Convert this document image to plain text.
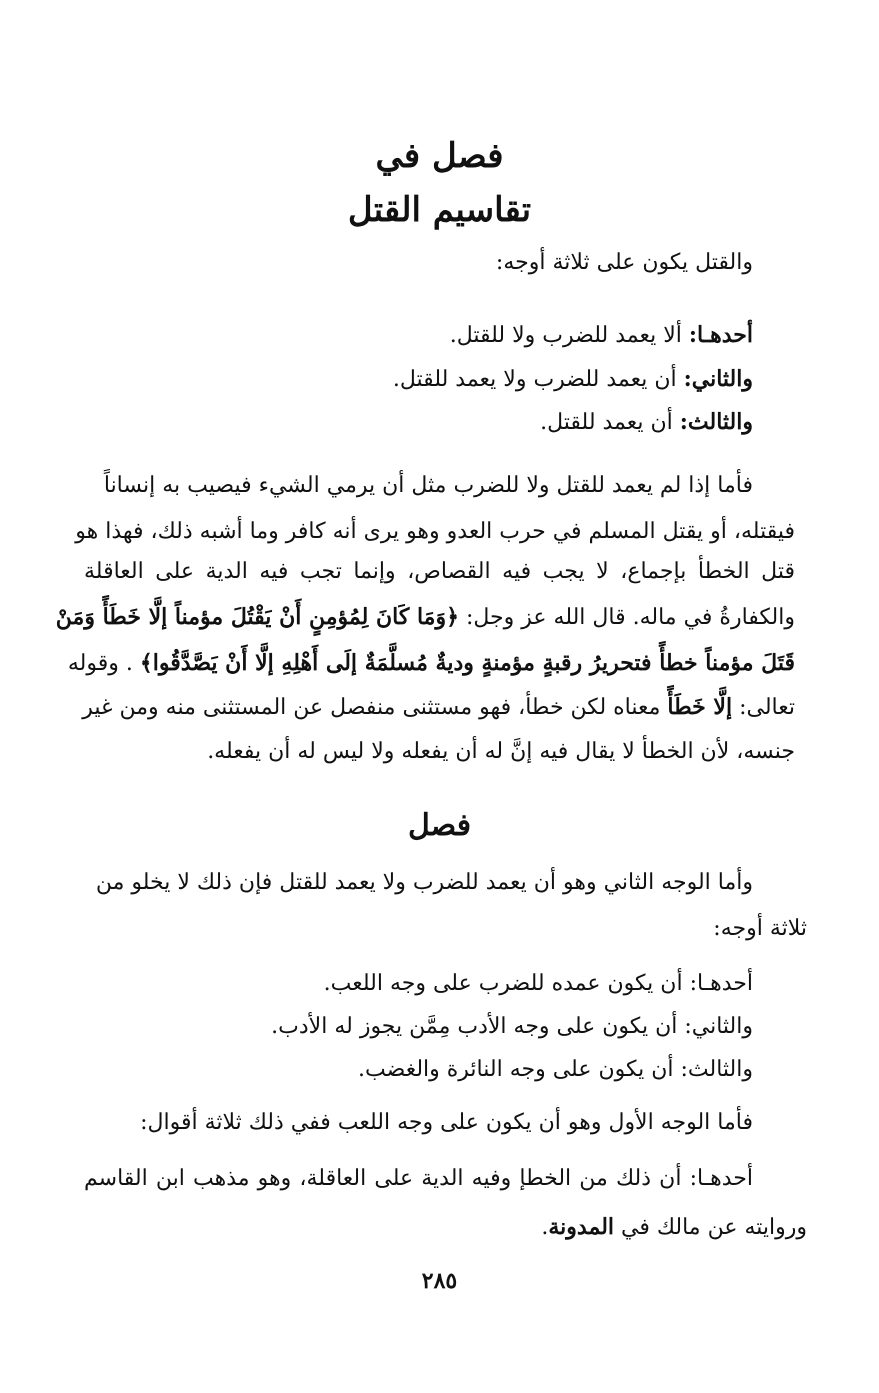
فصل في
تقاسيم القتل

والقتل يكون على ثلاثة أوجه:

أحدهـا: ألا يعمد للضرب ولا للقتل.

والثاني: أن يعمد للضرب ولا يعمد للقتل.

والثالث: أن يعمد للقتل.

فأما إذا لم يعمد للقتل ولا للضرب مثل أن يرمي الشيء فيصيب به إنساناً

فيقتله، أو يقتل المسلم في حرب العدو وهو يرى أنه كافر وما أشبه ذلك، فهذا هو

قتل الخطأ بإجماع، لا يجب فيه القصاص، وإنما تجب فيه الدية على العاقلة

والكفارةُ في ماله. قال الله عز وجل: ﴿وَمَا كَانَ لِمُؤمِنٍ أَنْ يَقْتُلَ مؤمناً إلَّا خَطَأً وَمَنْ

قَتَلَ مؤمناً خطأً فتحريرُ رقبةٍ مؤمنةٍ وديةٌ مُسلَّمَةٌ إلَى أَهْلِهِ إلَّا أَنْ يَصَّدَّقُوا﴾ . وقوله

تعالى: إلَّا خَطَأً معناه لكن خطأ، فهو مستثنى منفصل عن المستثنى منه ومن غير

جنسه، لأن الخطأ لا يقال فيه إنَّ له أن يفعله ولا ليس له أن يفعله.

فصل

وأما الوجه الثاني وهو أن يعمد للضرب ولا يعمد للقتل فإن ذلك لا يخلو من

ثلاثة أوجه:

أحدهـا: أن يكون عمده للضرب على وجه اللعب.

والثاني: أن يكون على وجه الأدب مِمَّن يجوز له الأدب.

والثالث: أن يكون على وجه النائرة والغضب.

فأما الوجه الأول وهو أن يكون على وجه اللعب ففي ذلك ثلاثة أقوال:

أحدهـا: أن ذلك من الخطإ وفيه الدية على العاقلة، وهو مذهب ابن القاسم

وروايته عن مالك في المدونة.

٢٨٥
